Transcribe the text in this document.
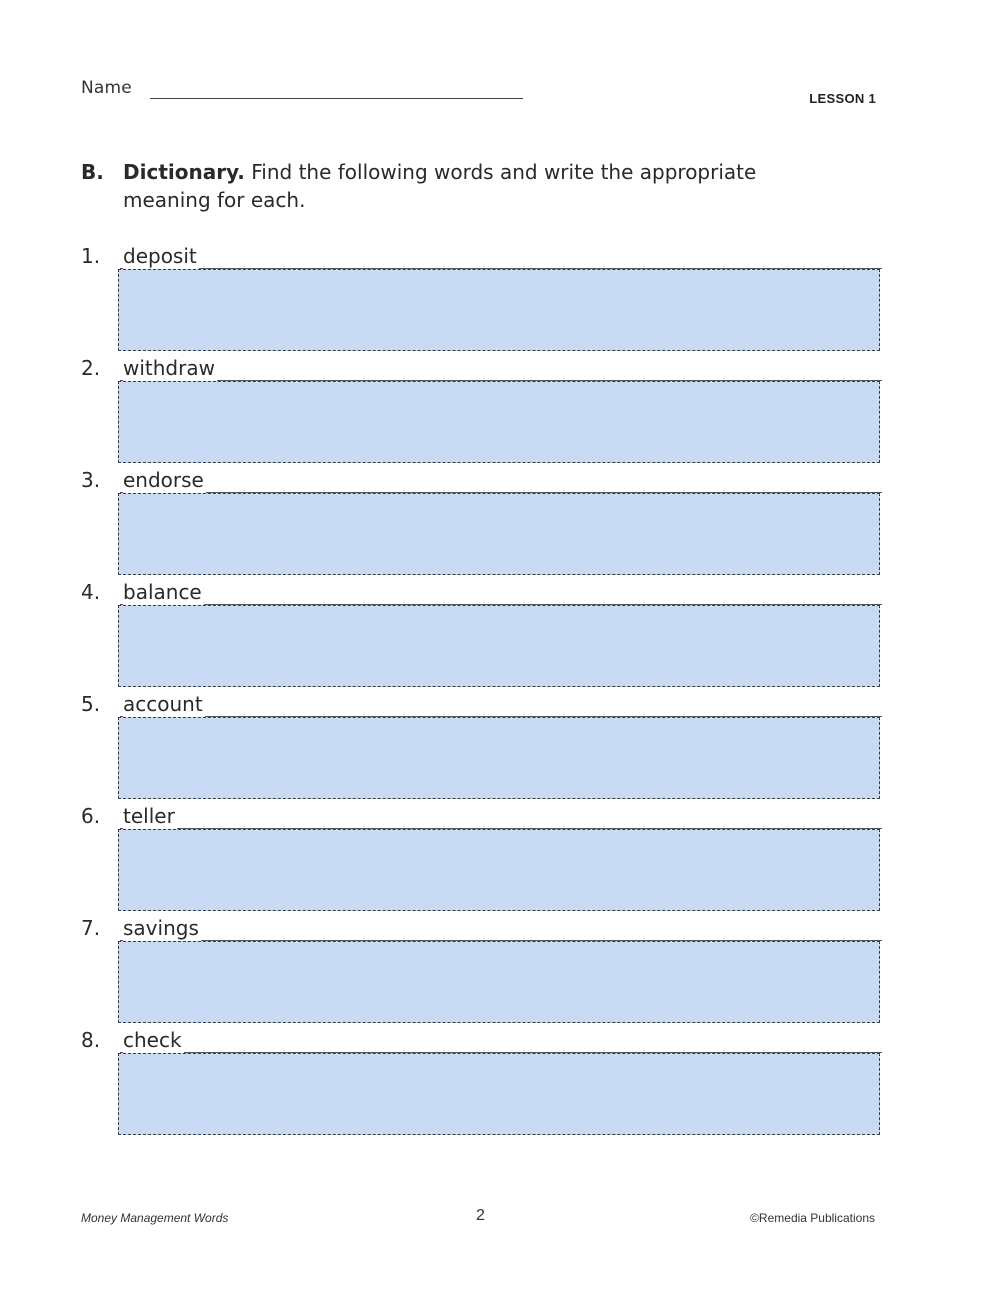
Name
LESSON 1
B. Dictionary. Find the following words and write the appropriate meaning for each.
1. deposit
2. withdraw
3. endorse
4. balance
5. account
6. teller
7. savings
8. check
Money Management Words	2	©Remedia Publications
